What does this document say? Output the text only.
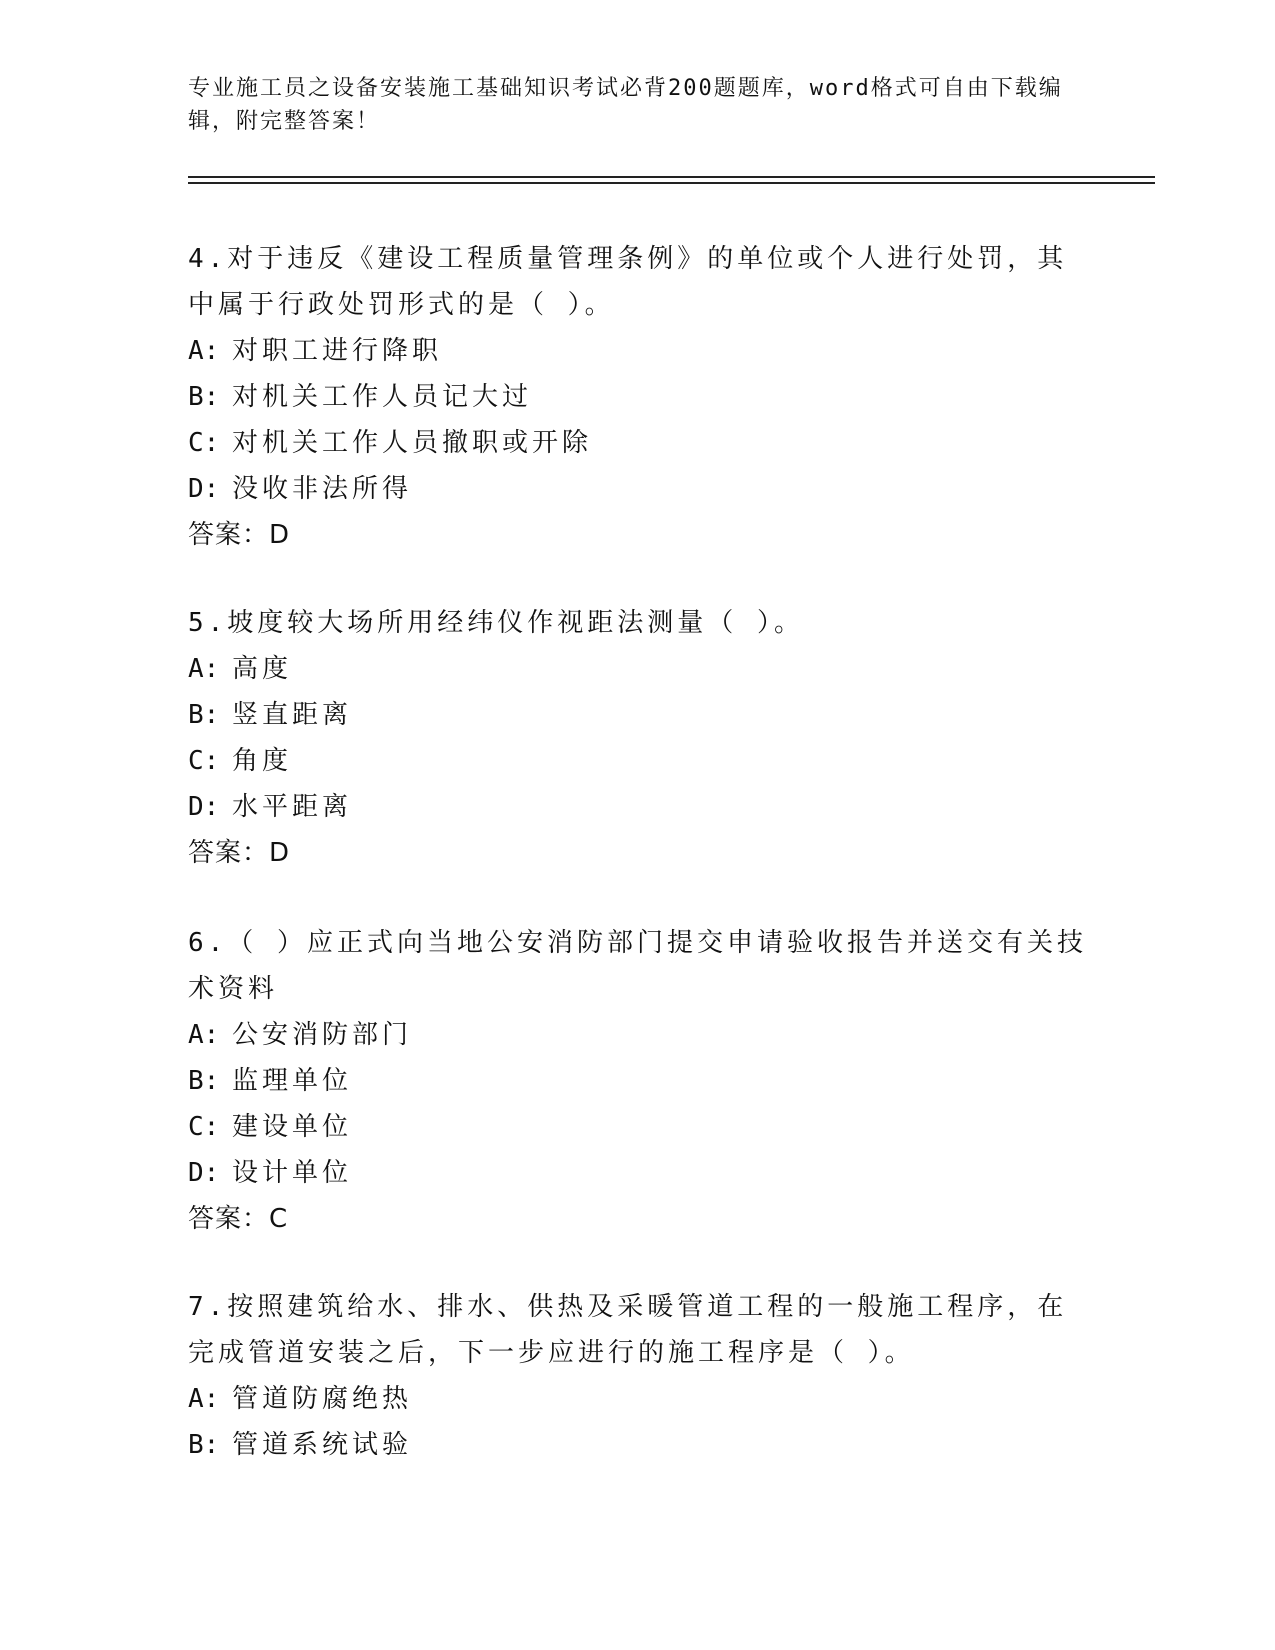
专业施工员之设备安装施工基础知识考试必背200题题库，word格式可自由下载编辑，附完整答案！

4.对于违反《建设工程质量管理条例》的单位或个人进行处罚，其中属于行政处罚形式的是（ ）。

A: 对职工进行降职

B: 对机关工作人员记大过

C: 对机关工作人员撤职或开除

D: 没收非法所得

答案：D

5.坡度较大场所用经纬仪作视距法测量（ ）。

A: 高度

B: 竖直距离

C: 角度

D: 水平距离

答案：D

6.（ ）应正式向当地公安消防部门提交申请验收报告并送交有关技术资料

A: 公安消防部门

B: 监理单位

C: 建设单位

D: 设计单位

答案：C

7.按照建筑给水、排水、供热及采暖管道工程的一般施工程序，在完成管道安装之后，下一步应进行的施工程序是（ ）。

A: 管道防腐绝热

B: 管道系统试验
